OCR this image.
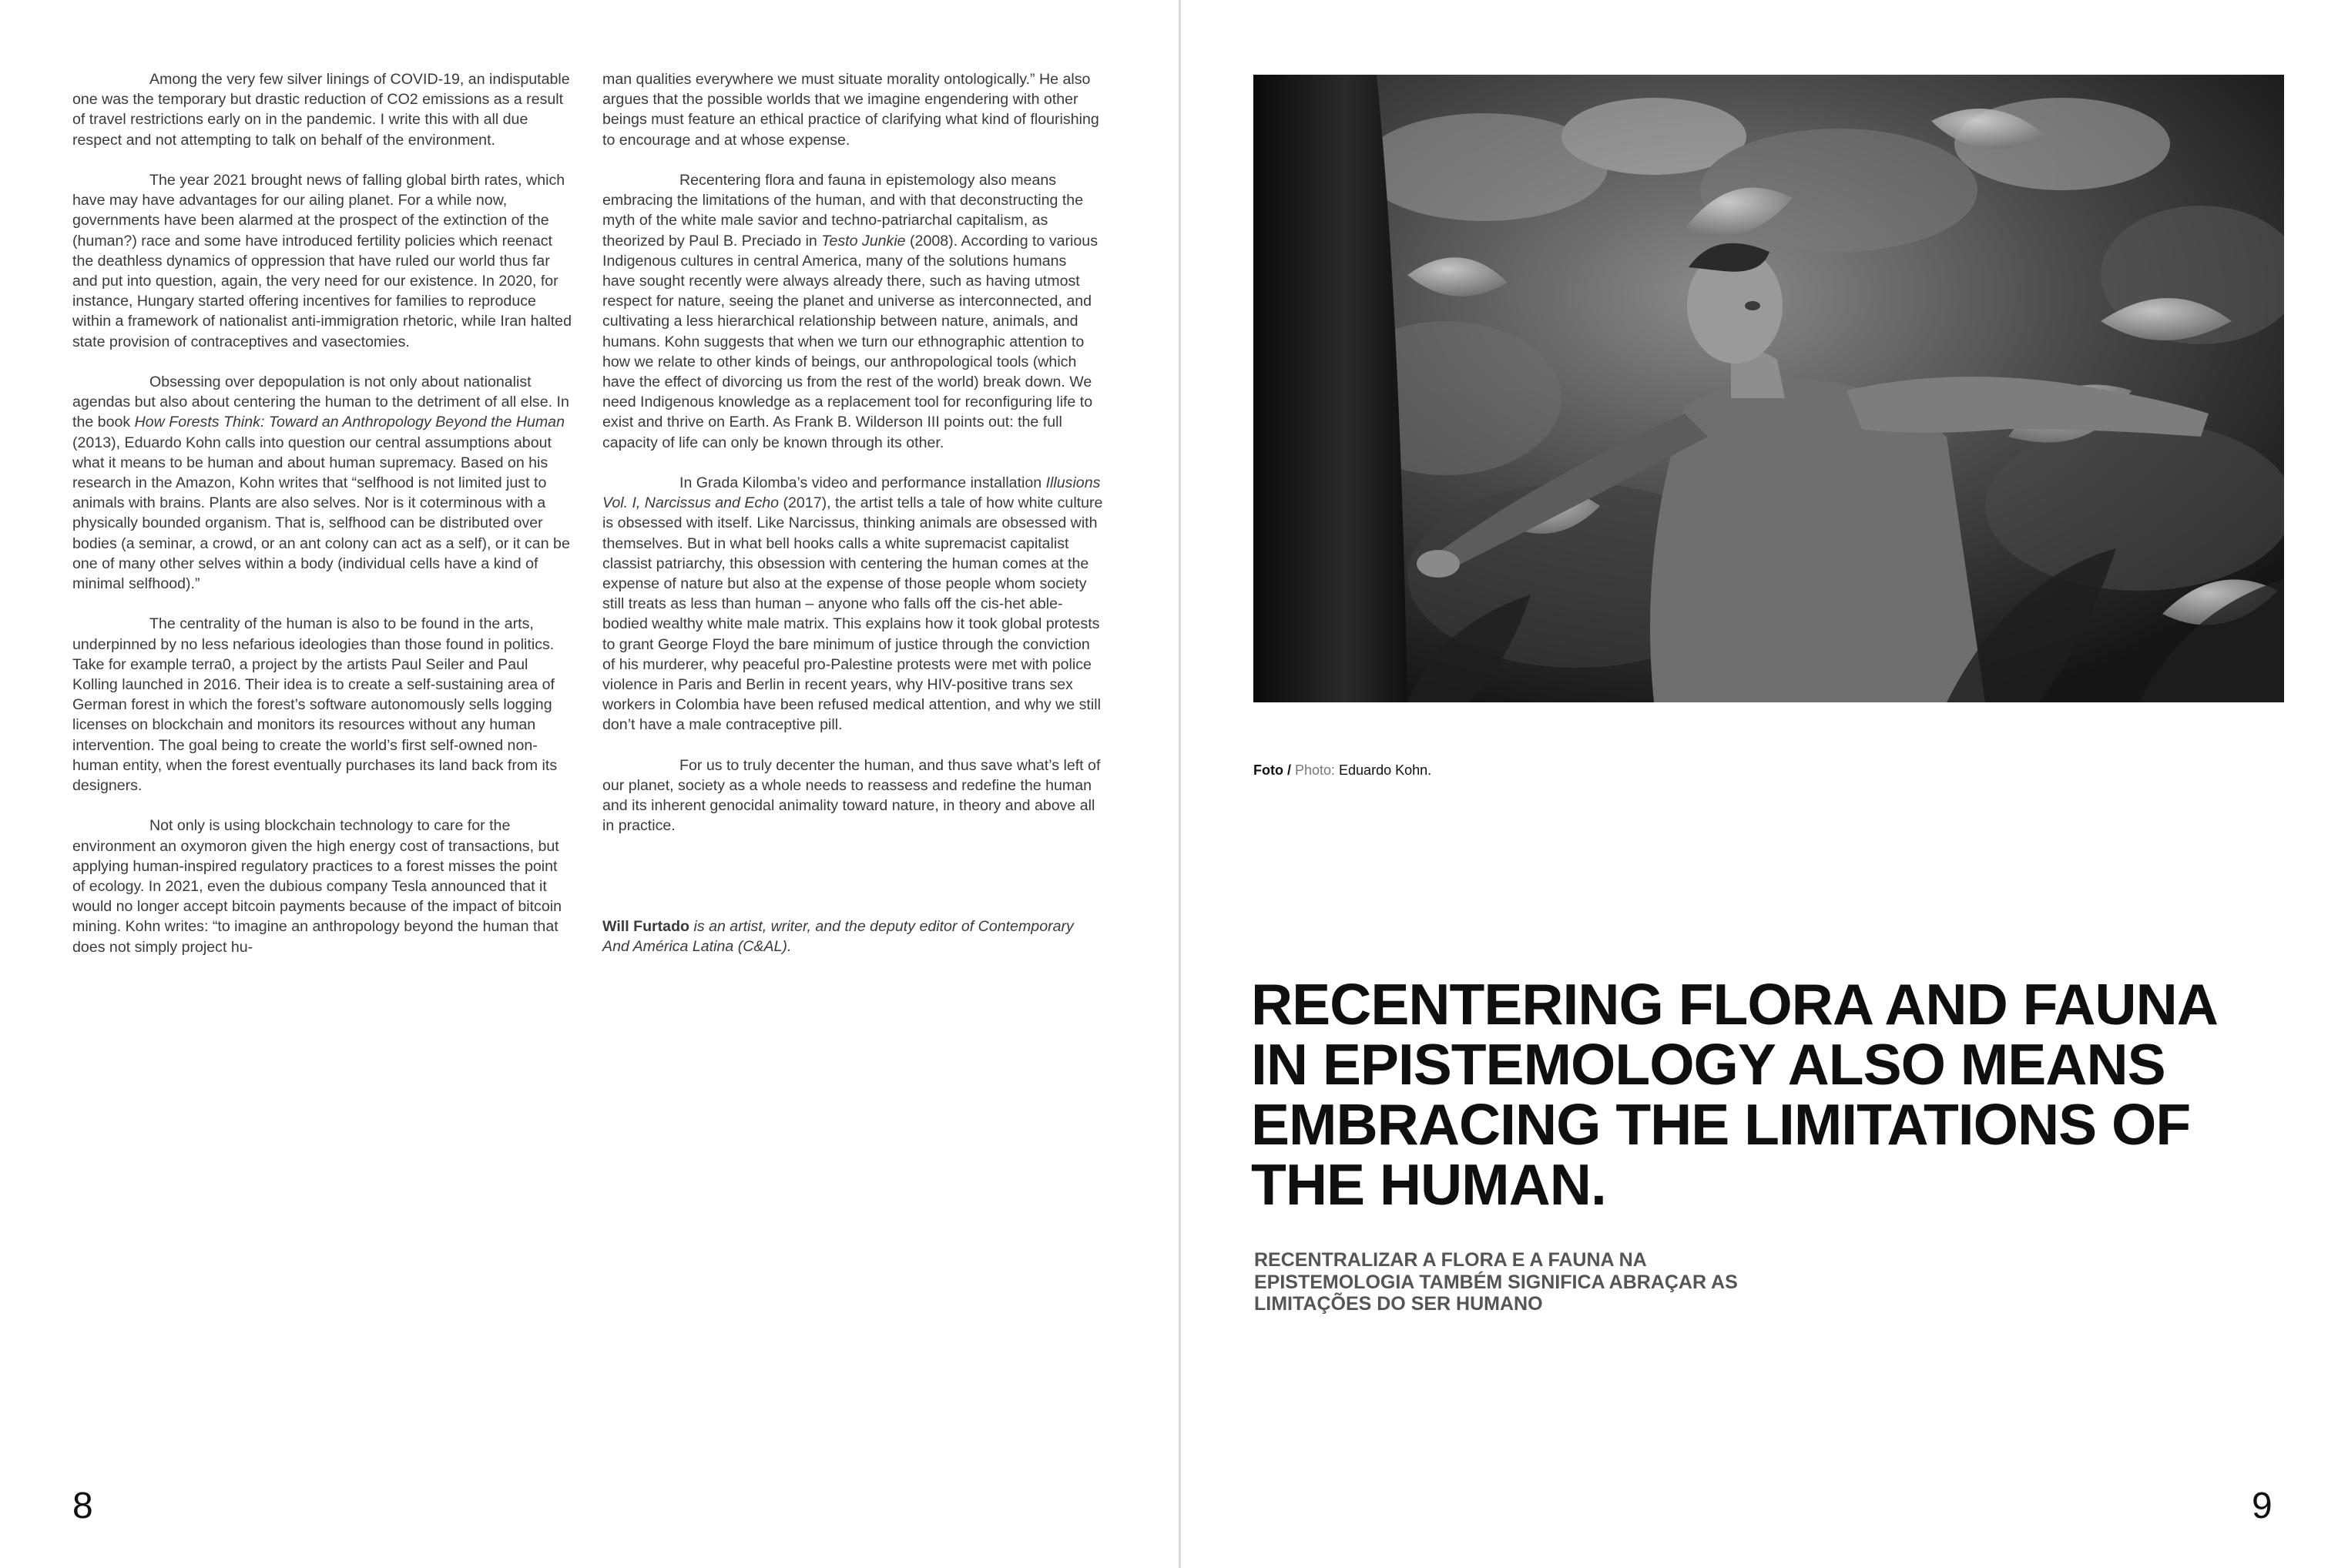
Among the very few silver linings of COVID-19, an indisputable one was the temporary but drastic reduction of CO2 emissions as a result of travel restrictions early on in the pandemic. I write this with all due respect and not attempting to talk on behalf of the environment.

The year 2021 brought news of falling global birth rates, which have may have advantages for our ailing planet. For a while now, governments have been alarmed at the prospect of the extinction of the (human?) race and some have introduced fertility policies which reenact the deathless dynamics of oppression that have ruled our world thus far and put into question, again, the very need for our existence. In 2020, for instance, Hungary started offering incentives for families to reproduce within a framework of nationalist anti-immigration rhetoric, while Iran halted state provision of contraceptives and vasectomies.

Obsessing over depopulation is not only about nationalist agendas but also about centering the human to the detriment of all else. In the book How Forests Think: Toward an Anthropology Beyond the Human (2013), Eduardo Kohn calls into question our central assumptions about what it means to be human and about human supremacy. Based on his research in the Amazon, Kohn writes that “selfhood is not limited just to animals with brains. Plants are also selves. Nor is it coterminous with a physically bounded organism. That is, selfhood can be distributed over bodies (a seminar, a crowd, or an ant colony can act as a self), or it can be one of many other selves within a body (individual cells have a kind of minimal selfhood).”

The centrality of the human is also to be found in the arts, underpinned by no less nefarious ideologies than those found in politics. Take for example terra0, a project by the artists Paul Seiler and Paul Kolling launched in 2016. Their idea is to create a self-sustaining area of German forest in which the forest’s software autonomously sells logging licenses on blockchain and monitors its resources without any human intervention. The goal being to create the world’s first self-owned non-human entity, when the forest eventually purchases its land back from its designers.

Not only is using blockchain technology to care for the environment an oxymoron given the high energy cost of transactions, but applying human-inspired regulatory practices to a forest misses the point of ecology. In 2021, even the dubious company Tesla announced that it would no longer accept bitcoin payments because of the impact of bitcoin mining. Kohn writes: “to imagine an anthropology beyond the human that does not simply project hu-

man qualities everywhere we must situate morality ontologically.” He also argues that the possible worlds that we imagine engendering with other beings must feature an ethical practice of clarifying what kind of flourishing to encourage and at whose expense.

Recentering flora and fauna in epistemology also means embracing the limitations of the human, and with that deconstructing the myth of the white male savior and techno-patriarchal capitalism, as theorized by Paul B. Preciado in Testo Junkie (2008). According to various Indigenous cultures in central America, many of the solutions humans have sought recently were always already there, such as having utmost respect for nature, seeing the planet and universe as interconnected, and cultivating a less hierarchical relationship between nature, animals, and humans. Kohn suggests that when we turn our ethnographic attention to how we relate to other kinds of beings, our anthropological tools (which have the effect of divorcing us from the rest of the world) break down. We need Indigenous knowledge as a replacement tool for reconfiguring life to exist and thrive on Earth. As Frank B. Wilderson III points out: the full capacity of life can only be known through its other.

In Grada Kilomba’s video and performance installation Illusions Vol. I, Narcissus and Echo (2017), the artist tells a tale of how white culture is obsessed with itself. Like Narcissus, thinking animals are obsessed with themselves. But in what bell hooks calls a white supremacist capitalist classist patriarchy, this obsession with centering the human comes at the expense of nature but also at the expense of those people whom society still treats as less than human – anyone who falls off the cis-het able-bodied wealthy white male matrix. This explains how it took global protests to grant George Floyd the bare minimum of justice through the conviction of his murderer, why peaceful pro-Palestine protests were met with police violence in Paris and Berlin in recent years, why HIV-positive trans sex workers in Colombia have been refused medical attention, and why we still don’t have a male contraceptive pill.

For us to truly decenter the human, and thus save what’s left of our planet, society as a whole needs to reassess and redefine the human and its inherent genocidal animality toward nature, in theory and above all in practice.

Will Furtado is an artist, writer, and the deputy editor of Contemporary And América Latina (C&AL).
8
Foto / Photo: Eduardo Kohn.
RECENTERING FLORA AND FAUNA
IN EPISTEMOLOGY ALSO MEANS
EMBRACING THE LIMITATIONS OF
THE HUMAN.
RECENTRALIZAR A FLORA E A FAUNA NA
EPISTEMOLOGIA TAMBÉM SIGNIFICA ABRAÇAR AS
LIMITAÇÕES DO SER HUMANO
9
